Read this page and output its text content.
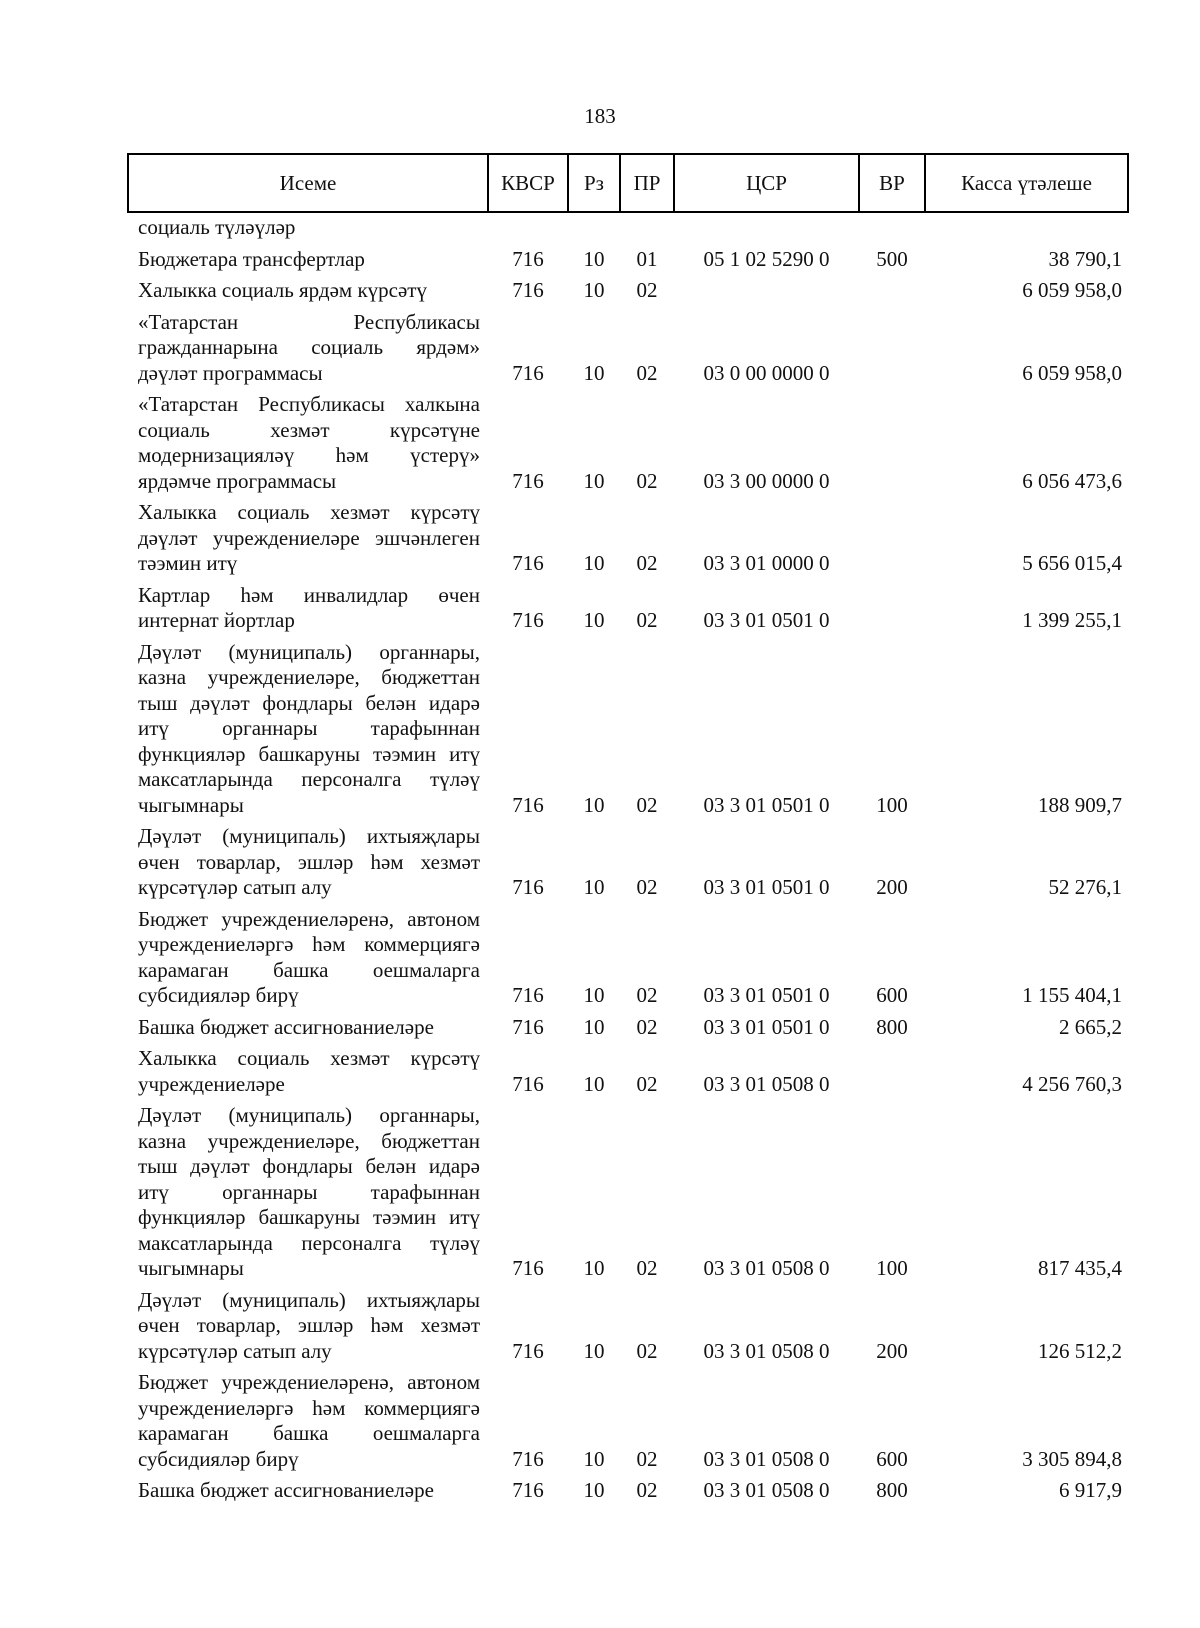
183
Исеме	КВСР	Рз	ПР	ЦСР	ВР	Касса үтәлеше
социаль түләүләр						
Бюджетара трансфертлар	716	10	01	05 1 02 5290 0	500	38 790,1
Халыкка социаль ярдәм күрсәтү	716	10	02			6 059 958,0
«Татарстан Республикасы гражданнарына социаль ярдәм» дәүләт программасы	716	10	02	03 0 00 0000 0		6 059 958,0
«Татарстан Республикасы халкына социаль хезмәт күрсәтүне модернизацияләү һәм үстерү» ярдәмче программасы	716	10	02	03 3 00 0000 0		6 056 473,6
Халыкка социаль хезмәт күрсәтү дәүләт учреждениеләре эшчәнлеген тәэмин итү	716	10	02	03 3 01 0000 0		5 656 015,4
Картлар һәм инвалидлар өчен интернат йортлар	716	10	02	03 3 01 0501 0		1 399 255,1
Дәүләт (муниципаль) органнары, казна учреждениеләре, бюджеттан тыш дәүләт фондлары белән идарә итү органнары тарафыннан функцияләр башкаруны тәэмин итү максатларында персоналга түләү чыгымнары	716	10	02	03 3 01 0501 0	100	188 909,7
Дәүләт (муниципаль) ихтыяҗлары өчен товарлар, эшләр һәм хезмәт күрсәтүләр сатып алу	716	10	02	03 3 01 0501 0	200	52 276,1
Бюджет учреждениеләренә, автоном учреждениеләргә һәм коммерциягә карамаган башка оешмаларга субсидияләр бирү	716	10	02	03 3 01 0501 0	600	1 155 404,1
Башка бюджет ассигнованиеләре	716	10	02	03 3 01 0501 0	800	2 665,2
Халыкка социаль хезмәт күрсәтү учреждениеләре	716	10	02	03 3 01 0508 0		4 256 760,3
Дәүләт (муниципаль) органнары, казна учреждениеләре, бюджеттан тыш дәүләт фондлары белән идарә итү органнары тарафыннан функцияләр башкаруны тәэмин итү максатларында персоналга түләү чыгымнары	716	10	02	03 3 01 0508 0	100	817 435,4
Дәүләт (муниципаль) ихтыяҗлары өчен товарлар, эшләр һәм хезмәт күрсәтүләр сатып алу	716	10	02	03 3 01 0508 0	200	126 512,2
Бюджет учреждениеләренә, автоном учреждениеләргә һәм коммерциягә карамаган башка оешмаларга субсидияләр бирү	716	10	02	03 3 01 0508 0	600	3 305 894,8
Башка бюджет ассигнованиеләре	716	10	02	03 3 01 0508 0	800	6 917,9
